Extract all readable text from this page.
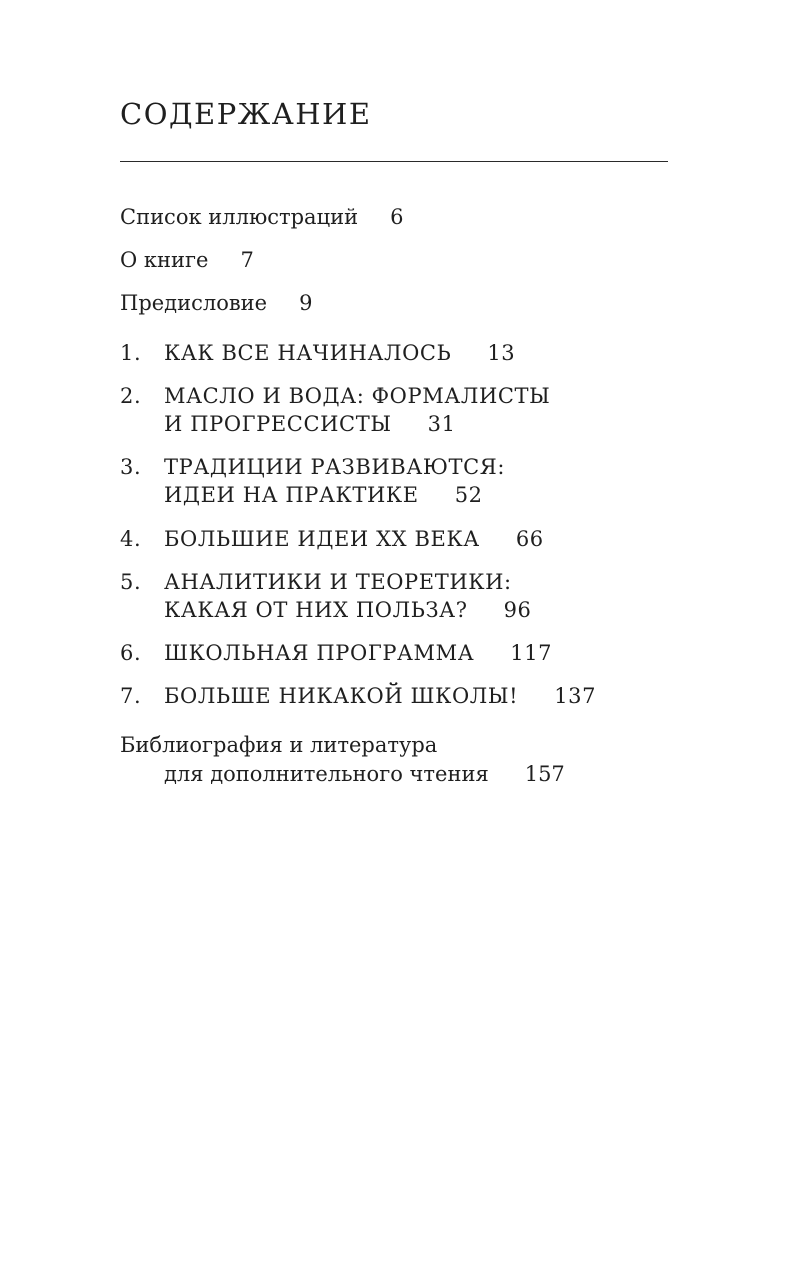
СОДЕРЖАНИЕ
Список иллюстраций 6
О книге 7
Предисловие 9
1.	КАК ВСЕ НАЧИНАЛОСЬ 13
2.	МАСЛО И ВОДА: ФОРМАЛИСТЫ
И ПРОГРЕССИСТЫ 31
3.	ТРАДИЦИИ РАЗВИВАЮТСЯ:
ИДЕИ НА ПРАКТИКЕ 52
4.	БОЛЬШИЕ ИДЕИ XX ВЕКА 66
5.	АНАЛИТИКИ И ТЕОРЕТИКИ:
КАКАЯ ОТ НИХ ПОЛЬЗА? 96
6.	ШКОЛЬНАЯ ПРОГРАММА 117
7.	БОЛЬШЕ НИКАКОЙ ШКОЛЫ! 137
Библиография и литература
для дополнительного чтения 157
